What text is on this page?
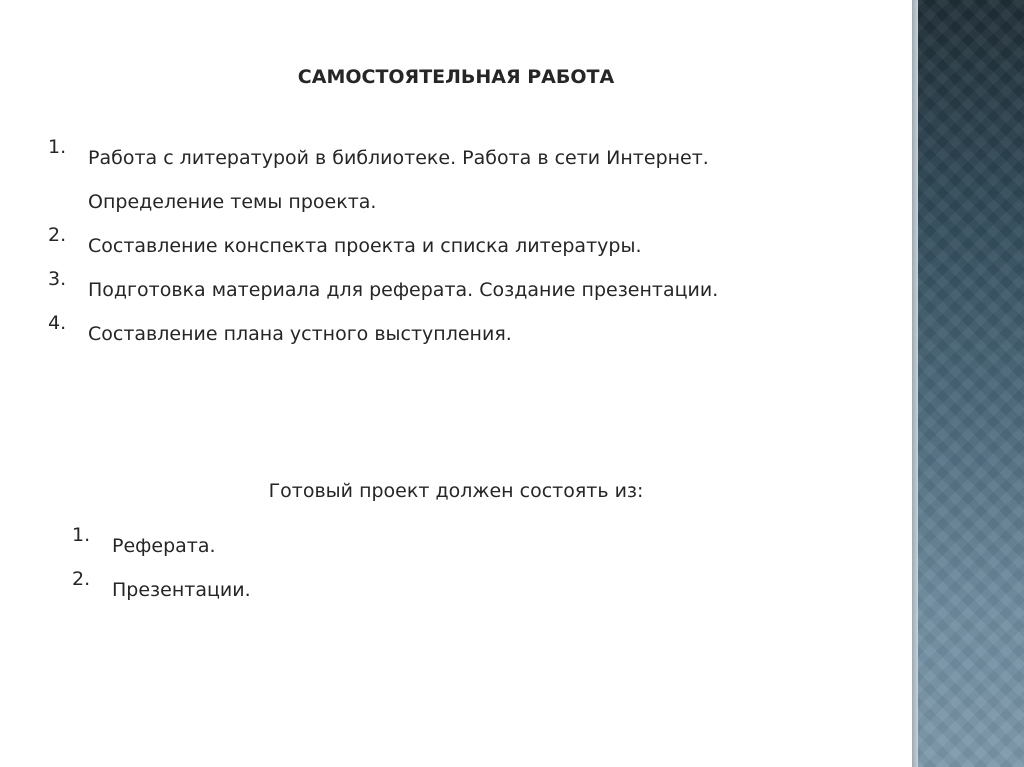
САМОСТОЯТЕЛЬНАЯ РАБОТА
1. Работа с литературой в библиотеке. Работа в сети Интернет.
Определение темы проекта.
2. Составление конспекта проекта и списка литературы.
3. Подготовка материала для реферата. Создание презентации.
4. Составление плана устного выступления.

Готовый проект должен состоять из:

1. Реферата.
2. Презентации.
